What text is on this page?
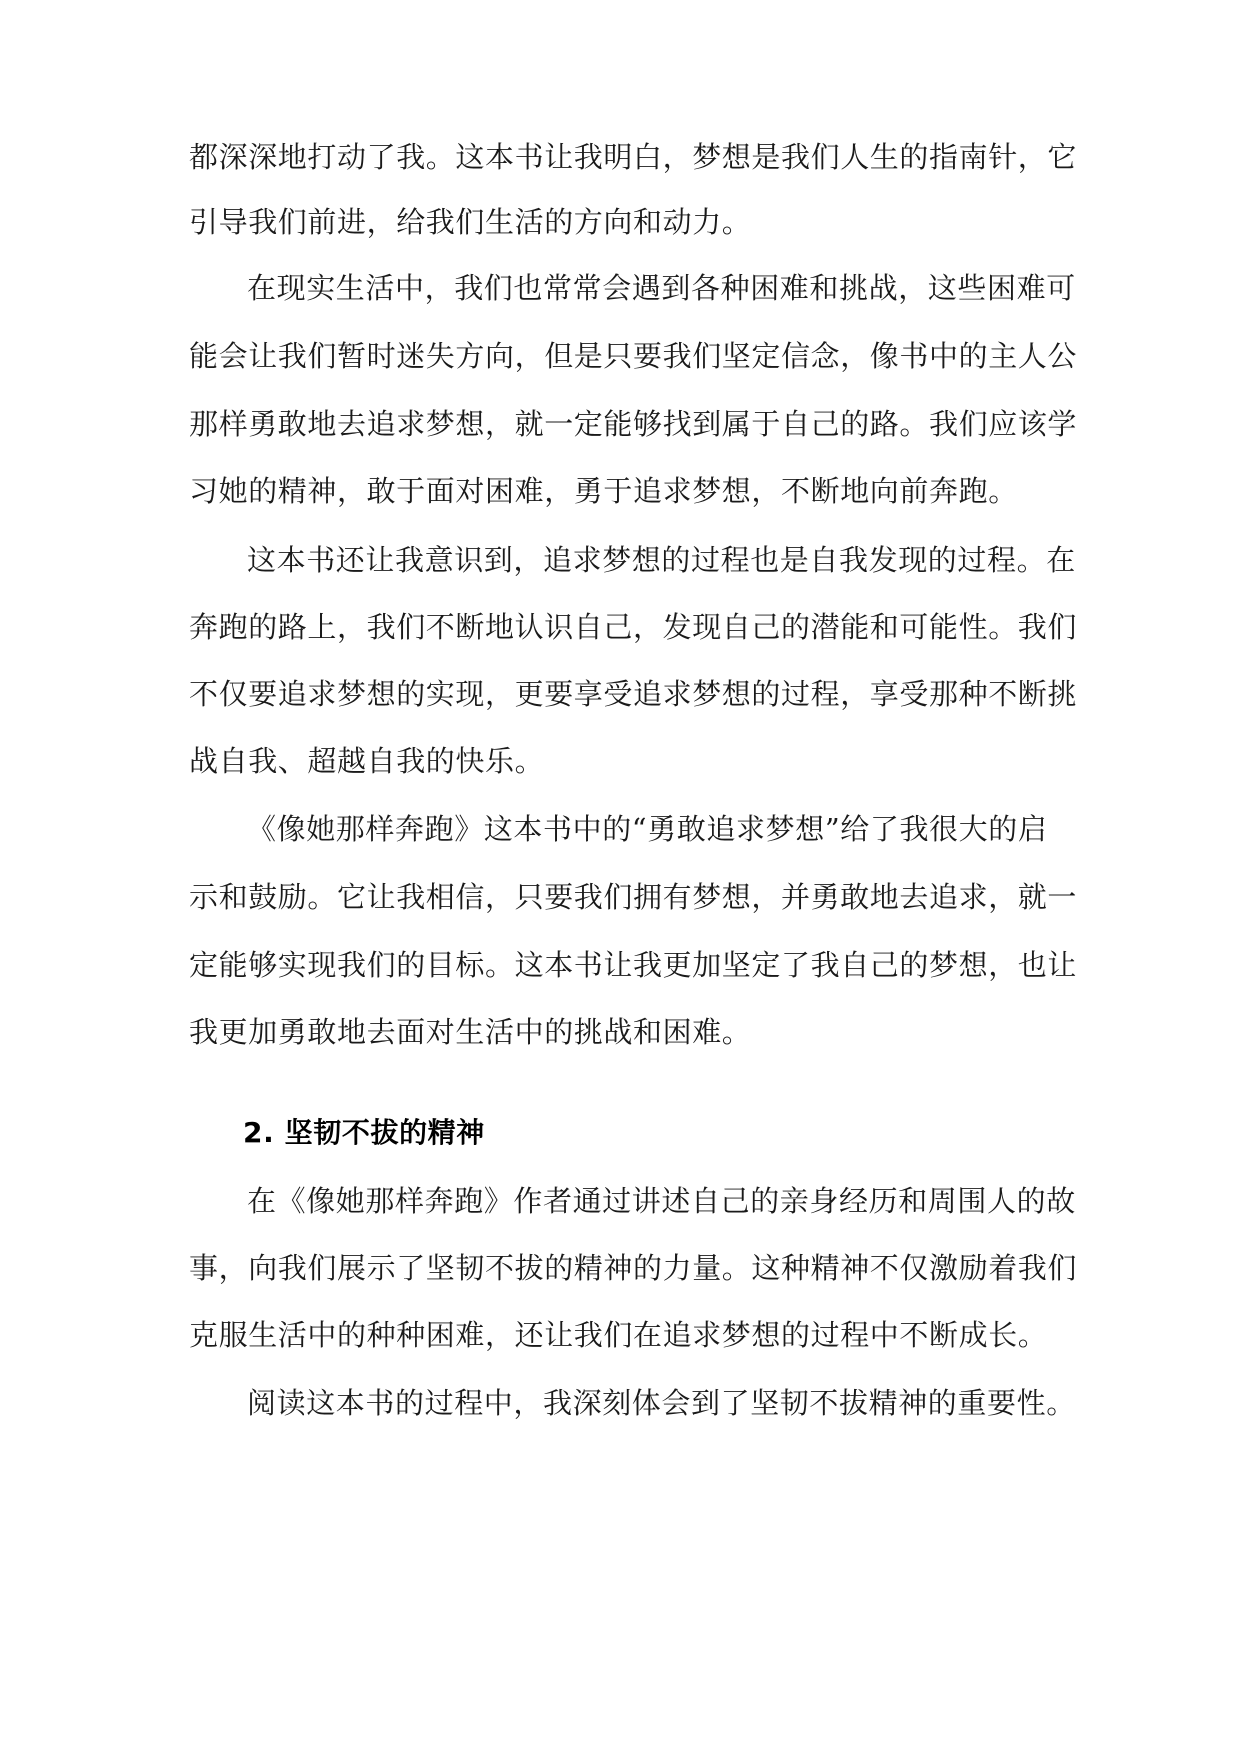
都深深地打动了我。这本书让我明白，梦想是我们人生的指南针，它
引导我们前进，给我们生活的方向和动力。
在现实生活中，我们也常常会遇到各种困难和挑战，这些困难可
能会让我们暂时迷失方向，但是只要我们坚定信念，像书中的主人公
那样勇敢地去追求梦想，就一定能够找到属于自己的路。我们应该学
习她的精神，敢于面对困难，勇于追求梦想，不断地向前奔跑。
这本书还让我意识到，追求梦想的过程也是自我发现的过程。在
奔跑的路上，我们不断地认识自己，发现自己的潜能和可能性。我们
不仅要追求梦想的实现，更要享受追求梦想的过程，享受那种不断挑
战自我、超越自我的快乐。
《像她那样奔跑》这本书中的“勇敢追求梦想”给了我很大的启
示和鼓励。它让我相信，只要我们拥有梦想，并勇敢地去追求，就一
定能够实现我们的目标。这本书让我更加坚定了我自己的梦想，也让
我更加勇敢地去面对生活中的挑战和困难。
2. 坚韧不拔的精神
在《像她那样奔跑》作者通过讲述自己的亲身经历和周围人的故
事，向我们展示了坚韧不拔的精神的力量。这种精神不仅激励着我们
克服生活中的种种困难，还让我们在追求梦想的过程中不断成长。
阅读这本书的过程中，我深刻体会到了坚韧不拔精神的重要性。
